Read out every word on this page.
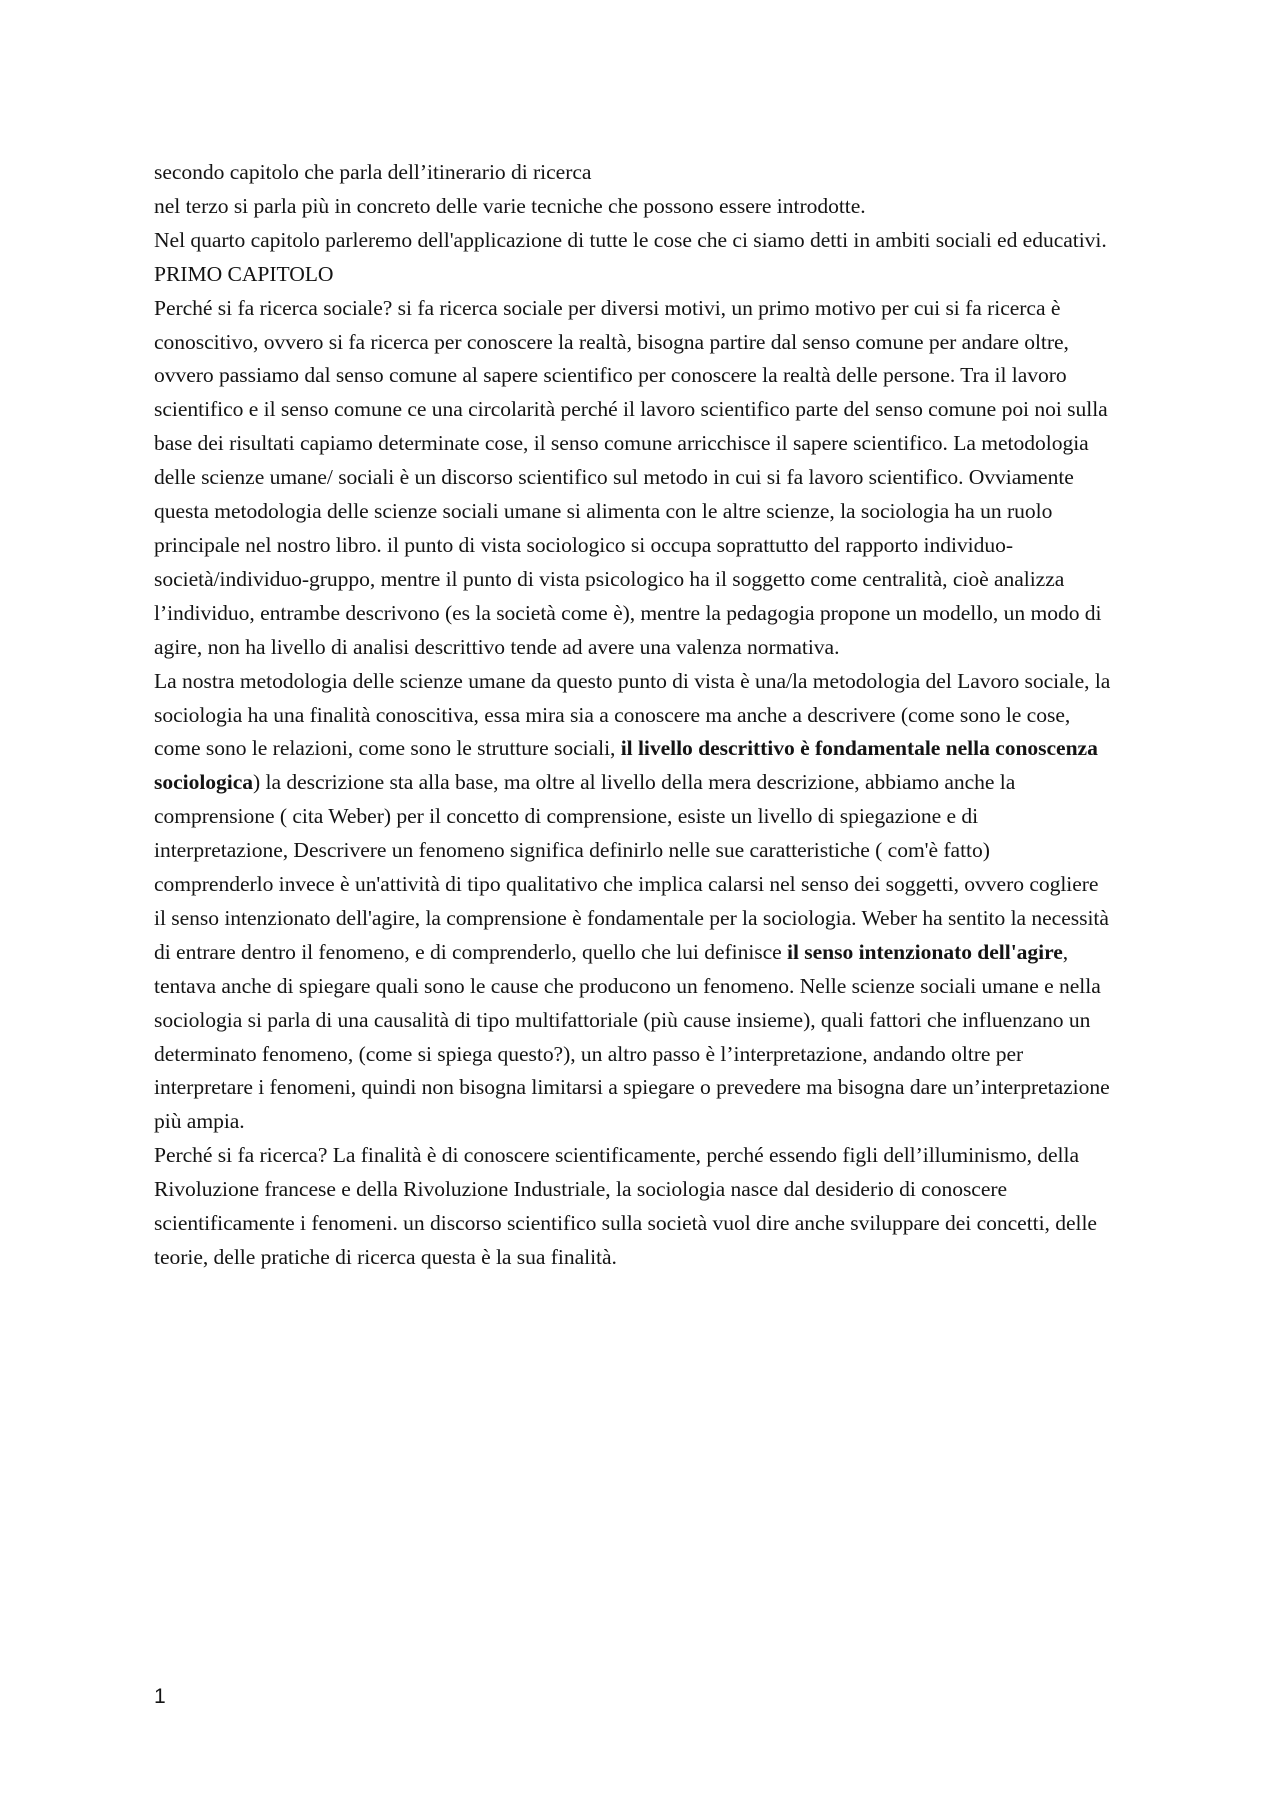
secondo capitolo che parla dell’itinerario di ricerca

nel terzo si parla più in concreto delle varie tecniche che possono essere introdotte.

Nel quarto capitolo parleremo dell'applicazione di tutte le cose che ci siamo detti in ambiti sociali ed educativi.

PRIMO CAPITOLO

Perché si fa ricerca sociale? si fa ricerca sociale per diversi motivi, un primo motivo per cui si fa ricerca è conoscitivo, ovvero si fa ricerca per conoscere la realtà, bisogna partire dal senso comune per andare oltre, ovvero passiamo dal senso comune al sapere scientifico per conoscere la realtà delle persone. Tra il lavoro scientifico e il senso comune ce una circolarità perché il lavoro scientifico parte del senso comune poi noi sulla base dei risultati capiamo determinate cose, il senso comune arricchisce il sapere scientifico. La metodologia delle scienze umane/ sociali è un discorso scientifico sul metodo in cui si fa lavoro scientifico. Ovviamente questa metodologia delle scienze sociali umane si alimenta con le altre scienze, la sociologia ha un ruolo principale nel nostro libro. il punto di vista sociologico si occupa soprattutto del rapporto individuo-società/individuo-gruppo, mentre il punto di vista psicologico ha il soggetto come centralità, cioè analizza l’individuo, entrambe descrivono (es la società come è), mentre la pedagogia propone un modello, un modo di agire, non ha livello di analisi descrittivo tende ad avere una valenza normativa.

La nostra metodologia delle scienze umane da questo punto di vista è una/la metodologia del Lavoro sociale, la sociologia ha una finalità conoscitiva, essa mira sia a conoscere ma anche a descrivere (come sono le cose, come sono le relazioni, come sono le strutture sociali, il livello descrittivo è fondamentale nella conoscenza sociologica) la descrizione sta alla base, ma oltre al livello della mera descrizione, abbiamo anche la comprensione ( cita Weber) per il concetto di comprensione, esiste un livello di spiegazione e di interpretazione, Descrivere un fenomeno significa definirlo nelle sue caratteristiche ( com'è fatto) comprenderlo invece è un'attività di tipo qualitativo che implica calarsi nel senso dei soggetti, ovvero cogliere il senso intenzionato dell'agire, la comprensione è fondamentale per la sociologia. Weber ha sentito la necessità di entrare dentro il fenomeno, e di comprenderlo, quello che lui definisce il senso intenzionato dell'agire, tentava anche di spiegare quali sono le cause che producono un fenomeno. Nelle scienze sociali umane e nella sociologia si parla di una causalità di tipo multifattoriale (più cause insieme), quali fattori che influenzano un determinato fenomeno, (come si spiega questo?), un altro passo è l’interpretazione, andando oltre per interpretare i fenomeni, quindi non bisogna limitarsi a spiegare o prevedere ma bisogna dare un’interpretazione più ampia.

Perché si fa ricerca? La finalità è di conoscere scientificamente, perché essendo figli dell’illuminismo, della Rivoluzione francese e della Rivoluzione Industriale, la sociologia nasce dal desiderio di conoscere scientificamente i fenomeni. un discorso scientifico sulla società vuol dire anche sviluppare dei concetti, delle teorie, delle pratiche di ricerca questa è la sua finalità.

1
